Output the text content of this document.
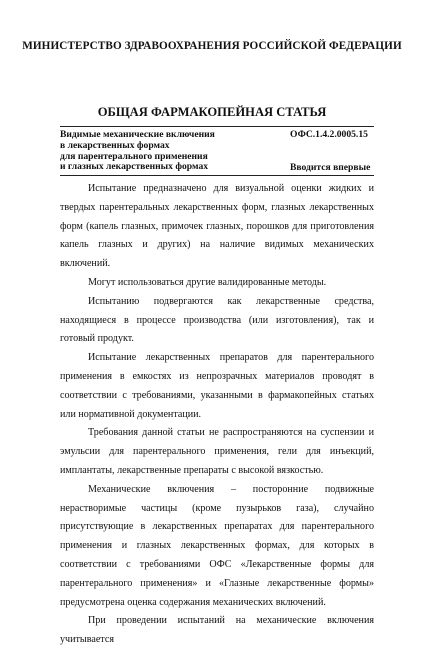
МИНИСТЕРСТВО ЗДРАВООХРАНЕНИЯ РОССИЙСКОЙ ФЕДЕРАЦИИ
ОБЩАЯ ФАРМАКОПЕЙНАЯ СТАТЬЯ
Видимые механические включения
в лекарственных формах
для парентерального применения
и глазных лекарственных формах
ОФС.1.4.2.0005.15
Вводится впервые

Испытание предназначено для визуальной оценки жидких и твердых парентеральных лекарственных форм, глазных лекарственных форм (капель глазных, примочек глазных, порошков для приготовления капель глазных и других) на наличие видимых механических включений.

Могут использоваться другие валидированные методы.

Испытанию подвергаются как лекарственные средства, находящиеся в процессе производства (или изготовления), так и готовый продукт.

Испытание лекарственных препаратов для парентерального применения в емкостях из непрозрачных материалов проводят в соответствии с требованиями, указанными в фармакопейных статьях или нормативной документации.

Требования данной статьи не распространяются на суспензии и эмульсии для парентерального применения, гели для инъекций, имплантаты, лекарственные препараты с высокой вязкостью.

Механические включения – посторонние подвижные нерастворимые частицы (кроме пузырьков газа), случайно присутствующие в лекарственных препаратах для парентерального применения и глазных лекарственных формах, для которых в соответствии с требованиями ОФС «Лекарственные формы для парентерального применения» и «Глазные лекарственные формы» предусмотрена оценка содержания механических включений.

При проведении испытаний на механические включения учитывается
